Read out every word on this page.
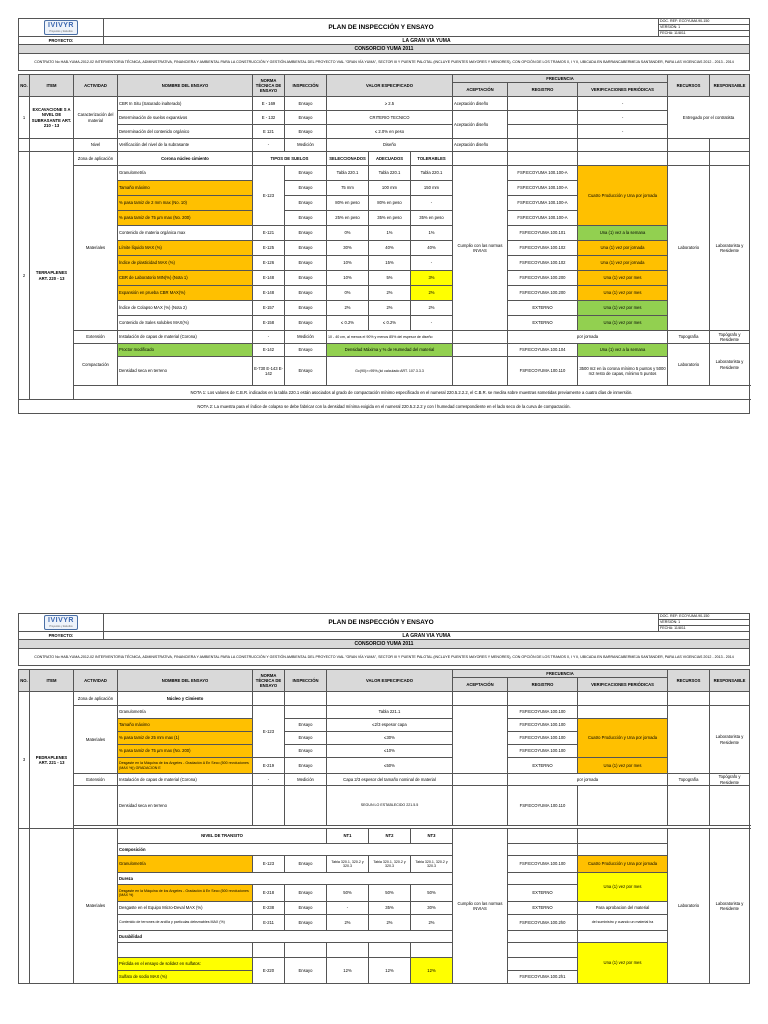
IVIVYR
Proyectos y Estudios	PLAN DE INSPECCIÓN Y ENSAYO	DOC. REF: ECOYUMA 90-150
		VERSIÓN: 1
		FECHA: 11/8/11
PROYECTO:	LA GRAN VIA YUMA	
CONSORCIO YUMA 2011		
CONTRATO No HAB-YUMA-2012-02 INTERVENTORIA TÉCNICA, ADMINISTRATIVA, FINANCIERA Y AMBIENTAL PARA LA CONSTRUCCIÓN Y GESTIÓN AMBIENTAL DEL PROYECTO VIAL "GRAN VÍA YUMA", SECTOR III Y PUENTE PALOTAL (INCLUYE PUENTES MAYORES Y MENORES), CON OPCIÓN DE LOS TRAMOS 0, I Y II, UBICADA EN BARRANCABERMEJA SANTANDER, PARA LAS VIGENCIAS 2012 - 2013 - 2014		
NO.	ITEM	ACTIVIDAD	NOMBRE DEL ENSAYO	NORMA TÉCNICA DE ENSAYO	INSPECCIÓN	VALOR ESPECIFICADO			FRECUENCIA			RECURSOS	RESPONSABLE
									ACEPTACIÓN	REGISTRO	VERIFICACIONES PERIÓDICAS		
1	EXCAVACIONE S A NIVEL DE SUBRASANTE ART. 210 - 13	Caracterización del material	CBR In Situ (Saturado inalterado)	E - 169	Ensayo	≥ 2.5			Aceptación diseño		-	Entregado por el contratista	
			Determinación de suelos expansivos	E - 132	Ensayo	CRITERIO TECNICO			Aceptación diseño		-		
			Determinación del contenido orgánico	E 121	Ensayo	≤ 2.0% en peso					-		
		Nivel	Verificación del nivel de la subrasante	-	Medición	Diseño			Aceptación diseño				
2	TERRAPLENES ART. 220 - 13	Zona de aplicación	Corona núcleo cimiento	TIPOS DE SUELOS		SELECCIONADOS	ADECUADOS	TOLERABLES					
		Materiales	Granulometría	E-123	Ensayo	Tabla 220.1	Tabla 220.1	Tabla 220.1	Cumplio con las normas INVIAS	FSP.ECOYUMA 100.100-A	Cuatro Producción y Una por jornada	Laboratorio	Laboratorista y Residente
			Tamaño máximo		Ensayo	75 mm	100 mm	150 mm		FSP.ECOYUMA 100.100-A			
			% pasa tamiz de 2 mm max (No. 10)		Ensayo	80% en peso	80% en peso	-		FSP.ECOYUMA 100.100-A			
			% pasa tamiz de 75 µm max (No. 200)		Ensayo	25% en peso	35% en peso	35% en peso		FSP.ECOYUMA 100.100-A			
			Contenido de materia orgánica max	E-121	Ensayo	0%	1%	1%		FSP.ECOYUMA 100.101	Una (1) vez a la semana		
			Límite líquido MAX (%)	E-125	Ensayo	30%	40%	40%		FSP.ECOYUMA 100.102	Una (1) vez por jornada		
			Índice de plasticidad MAX (%)	E-126	Ensayo	10%	15%	-		FSP.ECOYUMA 100.102	Una (1) vez por jornada		
			CBR de Laboratorio MIN(%) (Nota 1)	E-148	Ensayo	10%	5%	3%		FSP.ECOYUMA 100.200	Una (1) vez por mes		
			Expansión en prueba CBR MAX(%)	E-148	Ensayo	0%	2%	2%		FSP.ECOYUMA 100.200	Una (1) vez por mes		
			Índice de Colapso MAX (%) (Nota 2)	E-157	Ensayo	2%	2%	2%		EXTERNO	Una (1) vez por mes		
			Contenido de Sales solubles MAX(%)	E-158	Ensayo	≤ 0.2%	≤ 0.2%	-		EXTERNO	Una (1) vez por mes		
		Extensión	Instalación de capas de material (Corona)	-	Medición	10 - 40 cm, al menos el 90% y menos 85% del espesor de diseño				por jornada		Topografía	Topógrafo y Residente
		Compactación	Proctor modificado	E-142	Ensayo	Densidad Máxima y % de Humedad del material				FSP.ECOYUMA 100.104	Una (1) vez a la semana	Laboratorio	Laboratorista y Residente
			Densidad seca en terreno	E-730 E-143 E-142	Ensayo	Gc(90)>=95%,(ici calculado ART. 107.3.3.3				FSP.ECOYUMA 100.110	3500 m2 en la corona mínimo 5 puntos y 5000 m2 resto de capas, mínimo 5 puntos		
		NOTA 1: Los valores de C.B.R. indicados en la tabla 220.1 están asociados al grado de compactación mínimo especificado en el numeral 220.5.2.2.2, el C.B.R. se medira sobre muestras sometidas previamente a cuatro días de inmersión.											
NOTA 2: La muestra para el índice de colapso se debe fabricar con la densidad mínima exigida en el numeral 220.5.2.2.2 y con l humedad correspondiente en el lado seco de la curva de compactación.													
IVIVYR
Proyectos y Estudios	PLAN DE INSPECCIÓN Y ENSAYO	DOC. REF: ECOYUMA 90-150
		VERSIÓN: 1
		FECHA: 11/8/11
PROYECTO:	LA GRAN VIA YUMA	
CONSORCIO YUMA 2011		
CONTRATO No HAB-YUMA-2012-02 INTERVENTORIA TÉCNICA, ADMINISTRATIVA, FINANCIERA Y AMBIENTAL PARA LA CONSTRUCCIÓN Y GESTIÓN AMBIENTAL DEL PROYECTO VIAL "GRAN VÍA YUMA", SECTOR III Y PUENTE PALOTAL (INCLUYE PUENTES MAYORES Y MENORES), CON OPCIÓN DE LOS TRAMOS 0, I Y II, UBICADA EN BARRANCABERMEJA SANTANDER, PARA LAS VIGENCIAS 2012 - 2013 - 2014		
NO.	ITEM	ACTIVIDAD	NOMBRE DEL ENSAYO	NORMA TÉCNICA DE ENSAYO	INSPECCIÓN	VALOR ESPECIFICADO			FRECUENCIA			RECURSOS	RESPONSABLE
									ACEPTACIÓN	REGISTRO	VERIFICACIONES PERIÓDICAS		
3	PEDRAPLENES ART. 221 - 13	Zona de aplicación	Núcleo y Cimiento										
		Materiales	Granulometría	E-123		Tabla 221.1				FSP.ECOYUMA 100.100			Laboratorista y Residente
			Tamaño máximo		Ensayo	≤2/3 espesor capa				FSP.ECOYUMA 100.100	Cuatro Producción y Una por jornada		
			% pasa tamiz de 25 mm max (1)		Ensayo	≤30%				FSP.ECOYUMA 100.100			
			% pasa tamiz de 75 µm max (No. 200)		Ensayo	≤10%				FSP.ECOYUMA 100.100			
			Desgaste en la Máquina de los Angeles - Gradación A En Seco (500 revoluciones (MAX %)) GRADACION E	E-219	Ensayo	≤50%				EXTERNO	Una (1) vez por mes		
		Extensión	Instalación de capas de material (Corona)	-	Medición	Capa 2/3 espesor del tamaño nominal de material				por jornada		Topografía	Topógrafo y Residente
			Densidad seca en terreno			SEGUN LO ESTABLECIDO 221.5.5				FSP.ECOYUMA 100.110			

		Materiales	NIVEL DE TRANSITO			NT1	NT2	NT3	Cumplio con las normas INVIAS			Laboratorio	Laboratorista y Residente
			Composición										
			Granulometría	E-123	Ensayo	Tabla 320.1, 320.2 y 320.3	Tabla 320.1, 320.2 y 320.3	Tabla 320.1, 320.2 y 320.3		FSP.ECOYUMA 100.100	Cuatro Producción y Una por jornada		
			Dureza								Una (1) vez por mes		
			Desgaste en la Máquina de los Angeles - Gradación A En Seco (500 revoluciones (MAX %)	E-218	Ensayo	50%	50%	50%		EXTERNO			
			Desgaste en el Equipo Micro-Deval MAX (%)	E-238	Ensayo	-	35%	30%		EXTERNO	Para aprobacion del material		
			Contenido de terrones de arcilla y partículas deleznables MAX (%)	E-211	Ensayo	2%	2%	2%		FSP.ECOYUMA 100.2h0	del suministro y cuando un material ha		
			Durabilidad										
											Una (1) vez por mes		
			Pérdida en el ensayo de solidez en sulfatos:	E-220	Ensayo	12%	12%	12%					
			Sulfato de sodio MAX (%)							FSP.ECOYUMA 100.2h1			
